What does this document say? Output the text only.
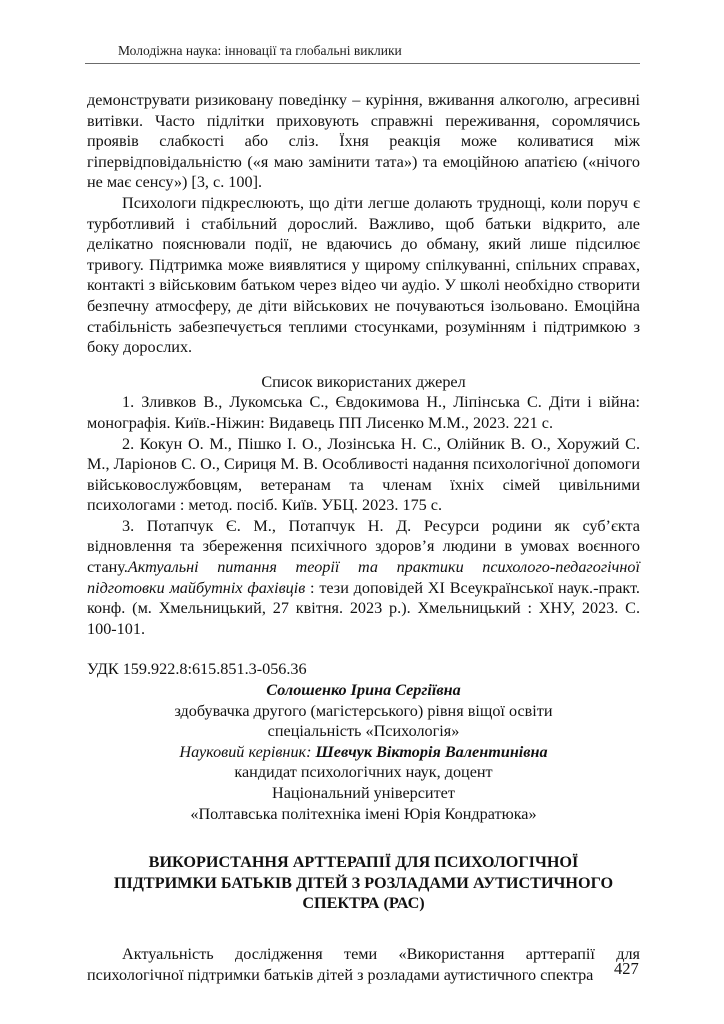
Молодіжна наука: інновації та глобальні виклики

демонструвати ризиковану поведінку – куріння, вживання алкоголю, агресивні витівки. Часто підлітки приховують справжні переживання, соромлячись проявів слабкості або сліз. Їхня реакція може коливатися між гіпервідповідальністю («я маю замінити тата») та емоційною апатією («нічого не має сенсу») [3, с. 100].

Психологи підкреслюють, що діти легше долають труднощі, коли поруч є турботливий і стабільний дорослий. Важливо, щоб батьки відкрито, але делікатно пояснювали події, не вдаючись до обману, який лише підсилює тривогу. Підтримка може виявлятися у щирому спілкуванні, спільних справах, контакті з військовим батьком через відео чи аудіо. У школі необхідно створити безпечну атмосферу, де діти військових не почуваються ізольовано. Емоційна стабільність забезпечується теплими стосунками, розумінням і підтримкою з боку дорослих.

Список використаних джерел

1. Зливков В., Лукомська С., Євдокимова Н., Ліпінська С. Діти і війна: монографія. Київ.-Ніжин: Видавець ПП Лисенко М.М., 2023. 221 с.

2. Кокун О. М., Пішко І. О., Лозінська Н. С., Олійник В. О., Хоружий С. М., Ларіонов С. О., Сириця М. В. Особливості надання психологічної допомоги військовослужбовцям, ветеранам та членам їхніх сімей цивільними психологами : метод. посіб. Київ. УБЦ. 2023. 175 с.

3. Потапчук Є. М., Потапчук Н. Д. Ресурси родини як суб’єкта відновлення та збереження психічного здоров’я людини в умовах воєнного стану.Актуальні питання теорії та практики психолого-педагогічної підготовки майбутніх фахівців : тези доповідей XI Всеукраїнської наук.-практ. конф. (м. Хмельницький, 27 квітня. 2023 р.). Хмельницький : ХНУ, 2023. С. 100-101.

УДК 159.922.8:615.851.3-056.36

Солошенко Ірина Сергіївна
здобувачка другого (магістерського) рівня віщої освіти
спеціальність «Психологія»
Науковий керівник: Шевчук Вікторія Валентинівна
кандидат психологічних наук, доцент
Національний університет
«Полтавська політехніка імені Юрія Кондратюка»
ВИКОРИСТАННЯ АРТТЕРАПІЇ ДЛЯ ПСИХОЛОГІЧНОЇ
ПІДТРИМКИ БАТЬКІВ ДІТЕЙ З РОЗЛАДАМИ АУТИСТИЧНОГО
СПЕКТРА (РАС)

Актуальність дослідження теми «Використання арттерапії для психологічної підтримки батьків дітей з розладами аутистичного спектра	427
